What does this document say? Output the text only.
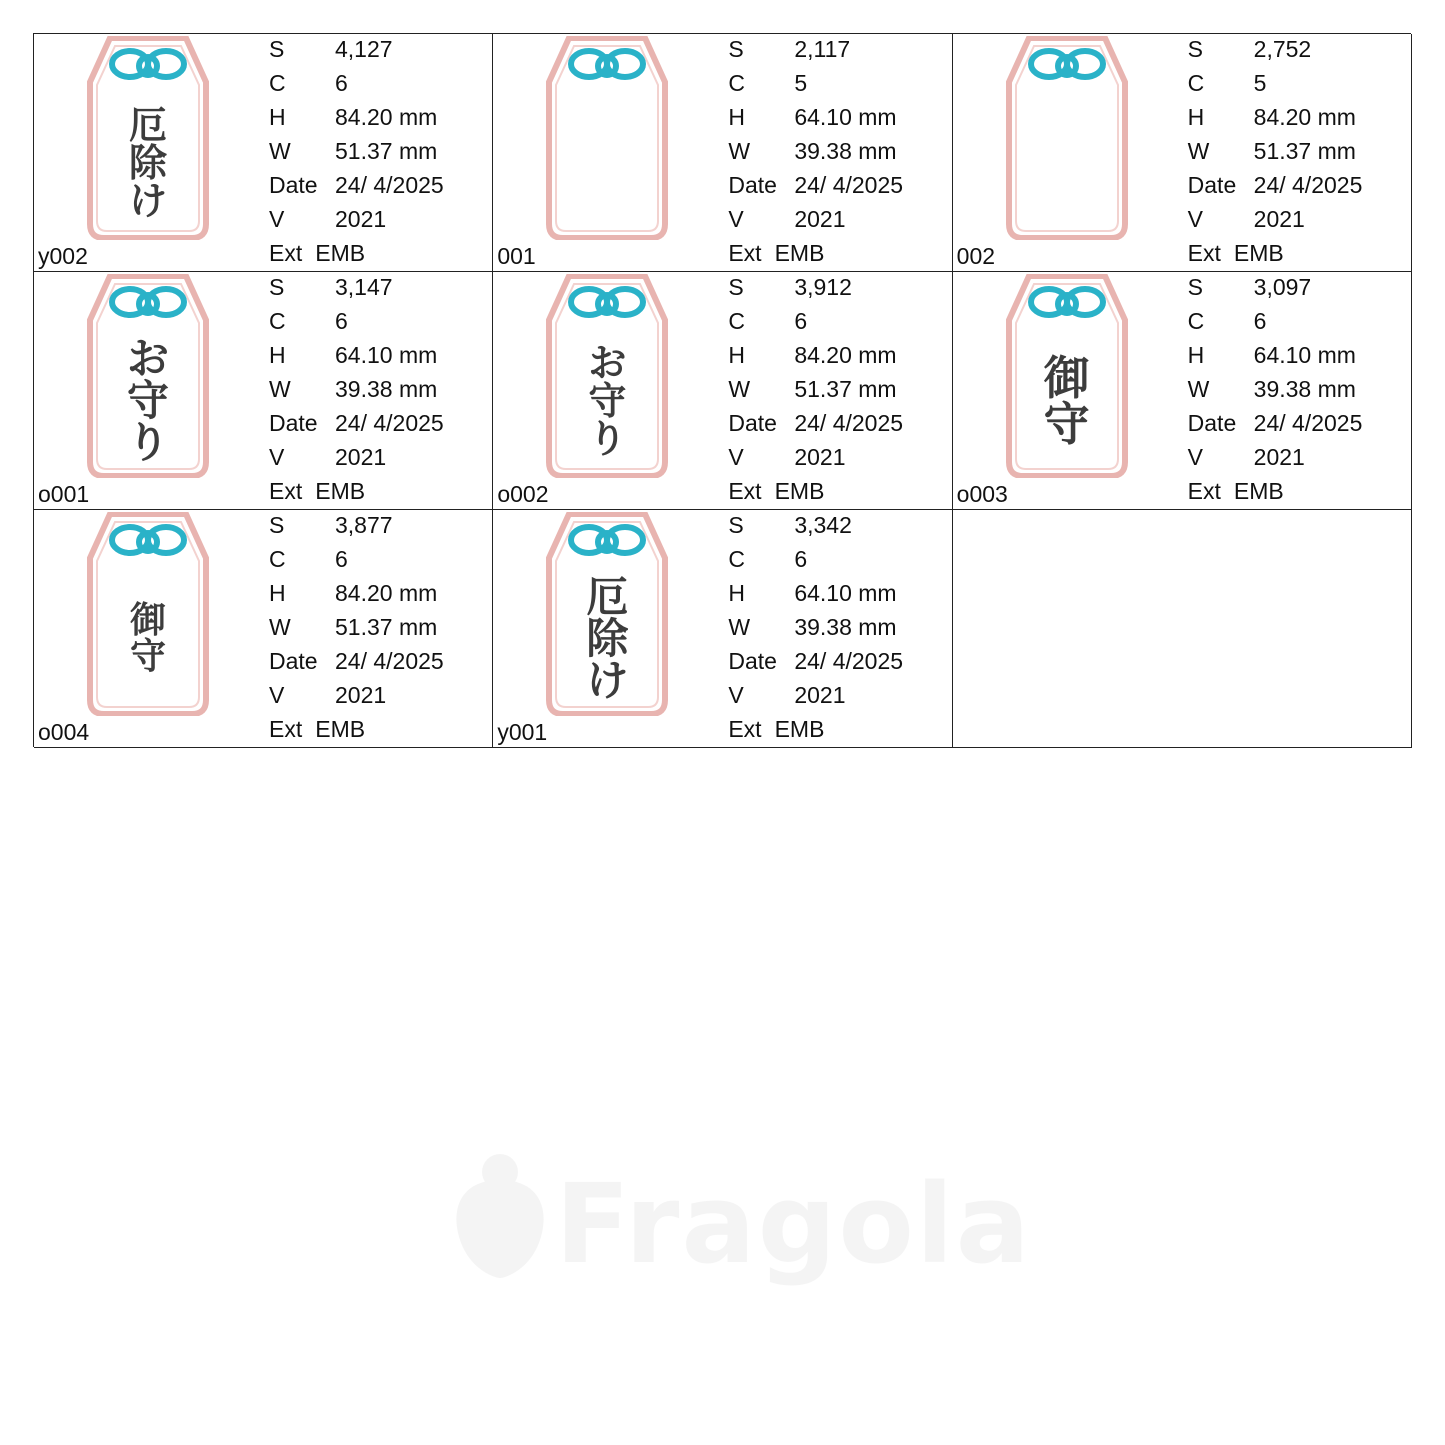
Fragola
厄
除
け
S 4,127
C 6
H 84.20 mm
W 51.37 mm
Date 24/ 4/2025
V 2021
Ext EMB
y002
S 2,117
C 5
H 64.10 mm
W 39.38 mm
Date 24/ 4/2025
V 2021
Ext EMB
001
S 2,752
C 5
H 84.20 mm
W 51.37 mm
Date 24/ 4/2025
V 2021
Ext EMB
002
お
守
り
S 3,147
C 6
H 64.10 mm
W 39.38 mm
Date 24/ 4/2025
V 2021
Ext EMB
o001
お
守
り
S 3,912
C 6
H 84.20 mm
W 51.37 mm
Date 24/ 4/2025
V 2021
Ext EMB
o002
御
守
S 3,097
C 6
H 64.10 mm
W 39.38 mm
Date 24/ 4/2025
V 2021
Ext EMB
o003
御
守
S 3,877
C 6
H 84.20 mm
W 51.37 mm
Date 24/ 4/2025
V 2021
Ext EMB
o004
厄
除
け
S 3,342
C 6
H 64.10 mm
W 39.38 mm
Date 24/ 4/2025
V 2021
Ext EMB
y001
